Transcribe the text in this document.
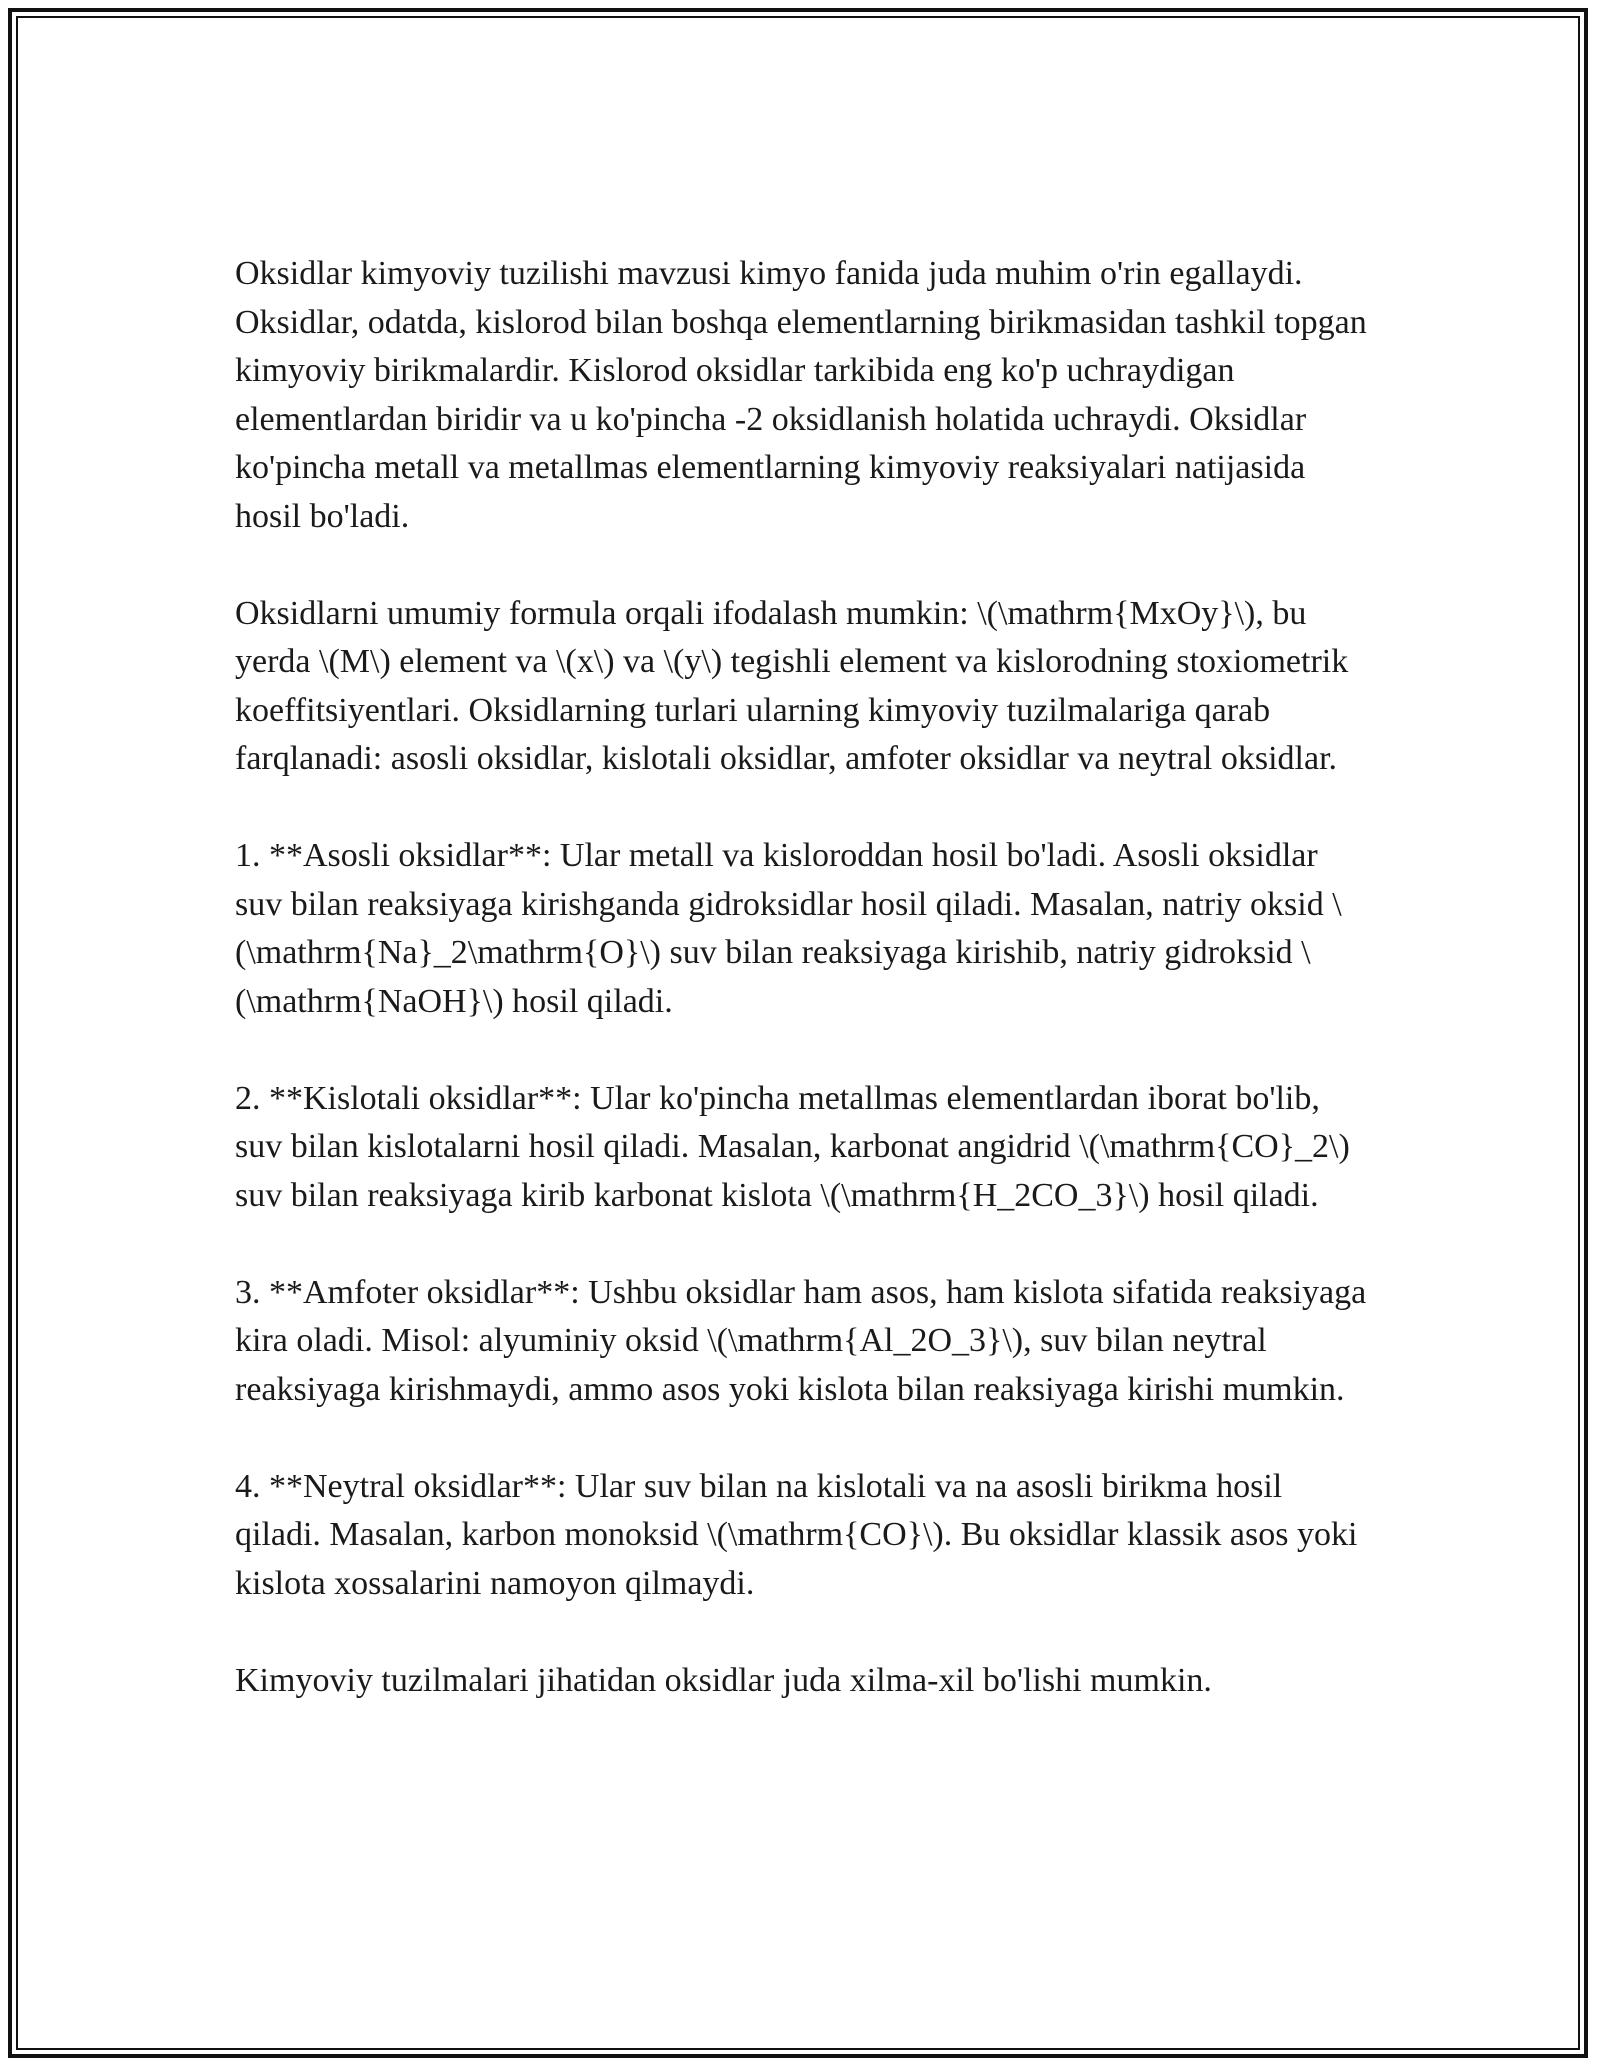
Oksidlar kimyoviy tuzilishi mavzusi kimyo fanida juda muhim o'rin egallaydi. Oksidlar, odatda, kislorod bilan boshqa elementlarning birikmasidan tashkil topgan kimyoviy birikmalardir. Kislorod oksidlar tarkibida eng ko'p uchraydigan elementlardan biridir va u ko'pincha -2 oksidlanish holatida uchraydi. Oksidlar ko'pincha metall va metallmas elementlarning kimyoviy reaksiyalari natijasida hosil bo'ladi.

Oksidlarni umumiy formula orqali ifodalash mumkin: \(\mathrm{MxOy}\), bu yerda \(M\) element va \(x\) va \(y\) tegishli element va kislorodning stoxiometrik koeffitsiyentlari. Oksidlarning turlari ularning kimyoviy tuzilmalariga qarab farqlanadi: asosli oksidlar, kislotali oksidlar, amfoter oksidlar va neytral oksidlar.

1. **Asosli oksidlar**: Ular metall va kisloroddan hosil bo'ladi. Asosli oksidlar suv bilan reaksiyaga kirishganda gidroksidlar hosil qiladi. Masalan, natriy oksid \(\mathrm{Na}_2\mathrm{O}\) suv bilan reaksiyaga kirishib, natriy gidroksid \(\mathrm{NaOH}\) hosil qiladi.

2. **Kislotali oksidlar**: Ular ko'pincha metallmas elementlardan iborat bo'lib, suv bilan kislotalarni hosil qiladi. Masalan, karbonat angidrid \(\mathrm{CO}_2\) suv bilan reaksiyaga kirib karbonat kislota \(\mathrm{H_2CO_3}\) hosil qiladi.

3. **Amfoter oksidlar**: Ushbu oksidlar ham asos, ham kislota sifatida reaksiyaga kira oladi. Misol: alyuminiy oksid \(\mathrm{Al_2O_3}\), suv bilan neytral reaksiyaga kirishmaydi, ammo asos yoki kislota bilan reaksiyaga kirishi mumkin.

4. **Neytral oksidlar**: Ular suv bilan na kislotali va na asosli birikma hosil qiladi. Masalan, karbon monoksid \(\mathrm{CO}\). Bu oksidlar klassik asos yoki kislota xossalarini namoyon qilmaydi.

Kimyoviy tuzilmalari jihatidan oksidlar juda xilma-xil bo'lishi mumkin.
